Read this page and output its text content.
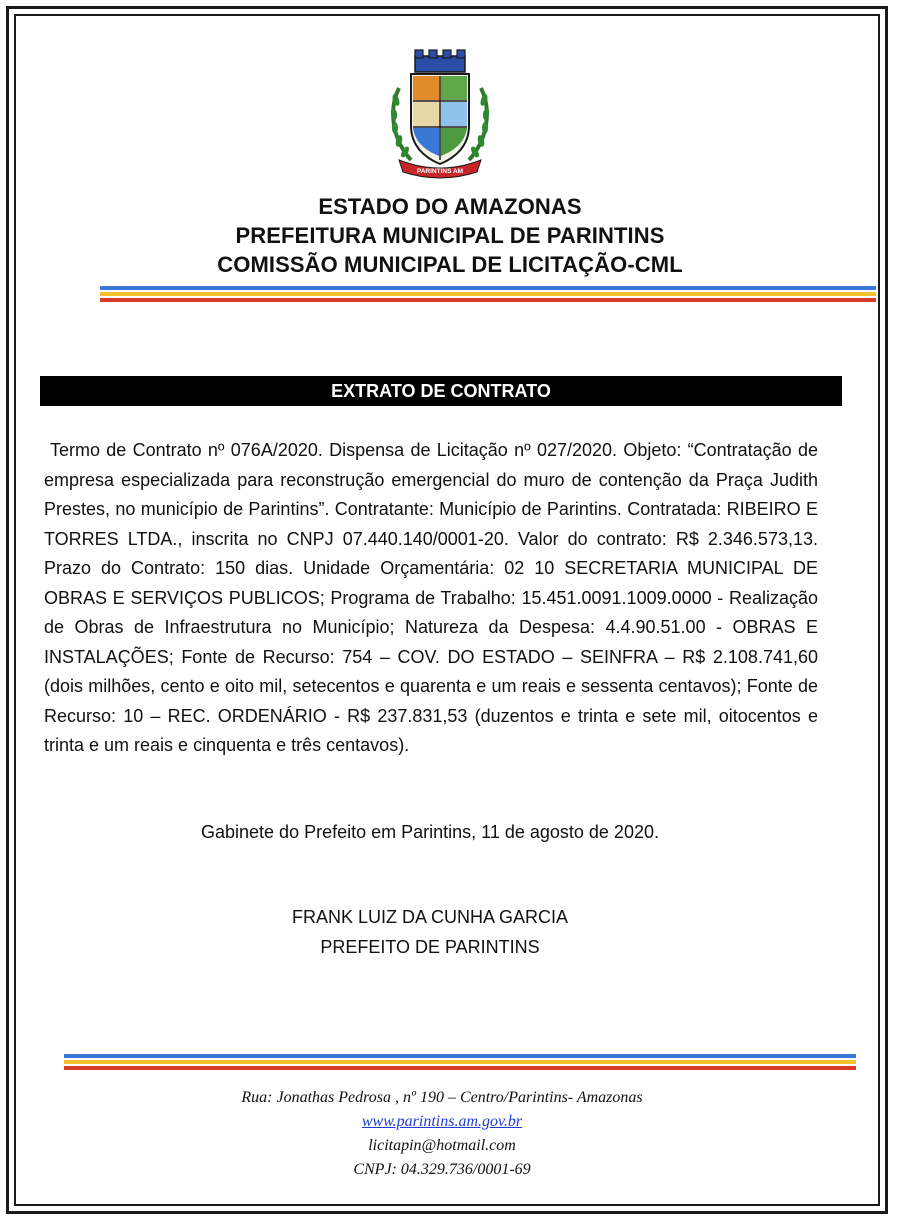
PARINTINS AM
ESTADO DO AMAZONAS
PREFEITURA MUNICIPAL DE PARINTINS
COMISSÃO MUNICIPAL DE LICITAÇÃO-CML
EXTRATO DE CONTRATO
Termo de Contrato nº 076A/2020. Dispensa de Licitação nº 027/2020. Objeto: “Contratação de empresa especializada para reconstrução emergencial do muro de contenção da Praça Judith Prestes, no município de Parintins”. Contratante: Município de Parintins. Contratada: RIBEIRO E TORRES LTDA., inscrita no CNPJ 07.440.140/0001-20. Valor do contrato: R$ 2.346.573,13. Prazo do Contrato: 150 dias. Unidade Orçamentária: 02 10 SECRETARIA MUNICIPAL DE OBRAS E SERVIÇOS PUBLICOS; Programa de Trabalho: 15.451.0091.1009.0000 - Realização de Obras de Infraestrutura no Município; Natureza da Despesa: 4.4.90.51.00 - OBRAS E INSTALAÇÕES; Fonte de Recurso: 754 – COV. DO ESTADO – SEINFRA – R$ 2.108.741,60 (dois milhões, cento e oito mil, setecentos e quarenta e um reais e sessenta centavos); Fonte de Recurso: 10 – REC. ORDENÁRIO - R$ 237.831,53 (duzentos e trinta e sete mil, oitocentos e trinta e um reais e cinquenta e três centavos).
Gabinete do Prefeito em Parintins, 11 de agosto de 2020.
FRANK LUIZ DA CUNHA GARCIA
PREFEITO DE PARINTINS
Rua: Jonathas Pedrosa , nº 190 – Centro/Parintins- Amazonas
www.parintins.am.gov.br
licitapin@hotmail.com
CNPJ: 04.329.736/0001-69
